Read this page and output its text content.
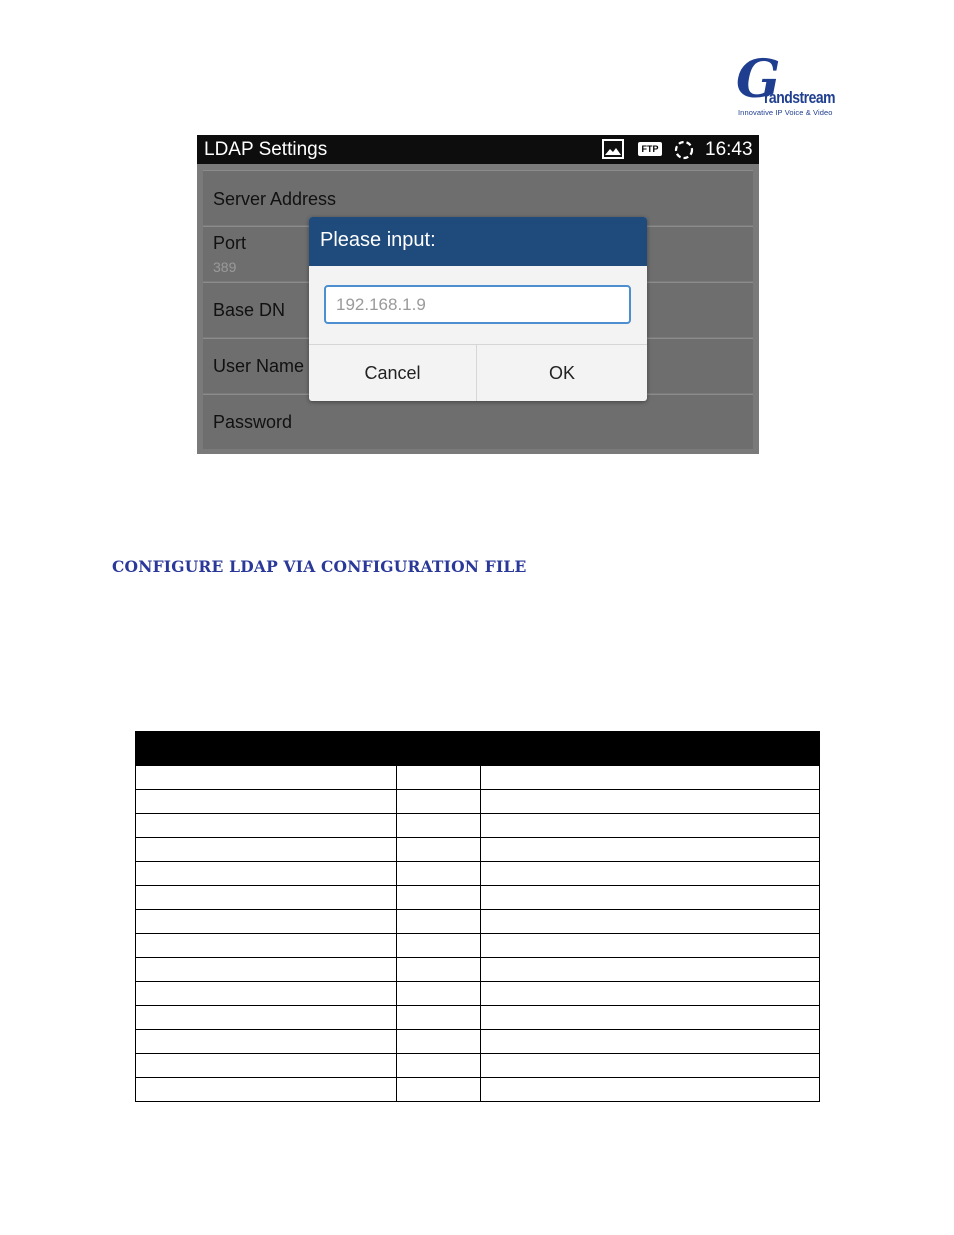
G
randstream
Innovative IP Voice & Video
LDAP Settings	FTP 16:43
Server Address
Port
389
Base DN
User Name
Password
Please input:
192.168.1.9
Cancel	OK
CONFIGURE LDAP VIA CONFIGURATION FILE
